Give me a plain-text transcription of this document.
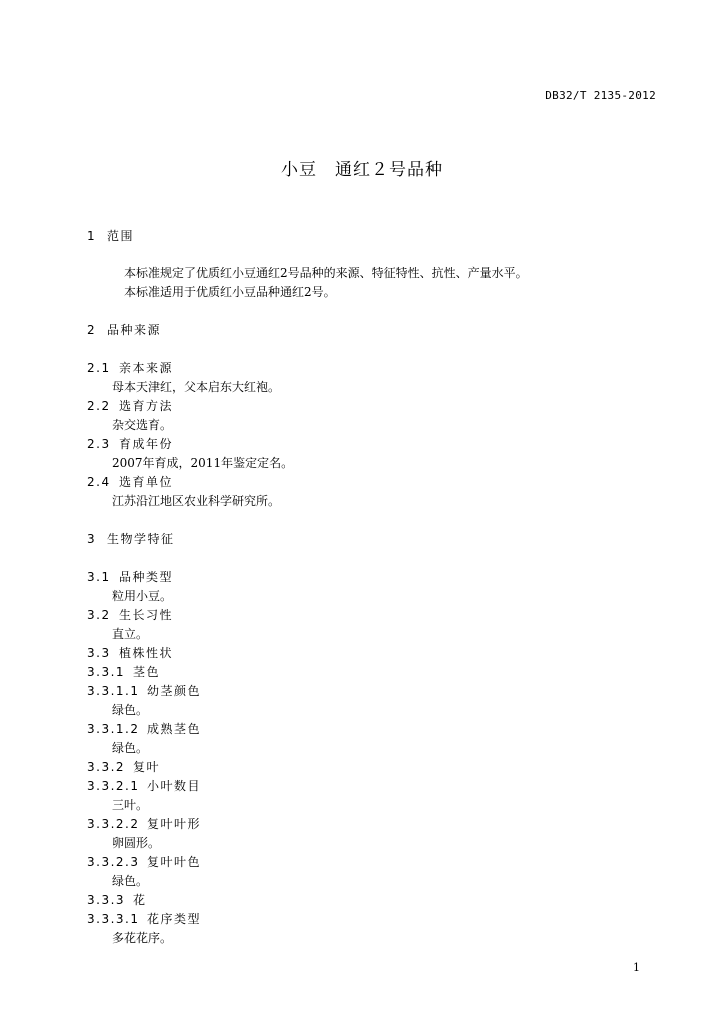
DB32/T 2135-2012
小豆　通红２号品种
1 范围
本标准规定了优质红小豆通红2号品种的来源、特征特性、抗性、产量水平。
本标准适用于优质红小豆品种通红2号。
2 品种来源
2.1 亲本来源
母本天津红，父本启东大红袍。
2.2 选育方法
杂交选育。
2.3 育成年份
2007年育成，2011年鉴定定名。
2.4 选育单位
江苏沿江地区农业科学研究所。
3 生物学特征
3.1 品种类型
粒用小豆。
3.2 生长习性
直立。
3.3 植株性状
3.3.1 茎色
3.3.1.1 幼茎颜色
绿色。
3.3.1.2 成熟茎色
绿色。
3.3.2 复叶
3.3.2.1 小叶数目
三叶。
3.3.2.2 复叶叶形
卵圆形。
3.3.2.3 复叶叶色
绿色。
3.3.3 花
3.3.3.1 花序类型
多花花序。
1
